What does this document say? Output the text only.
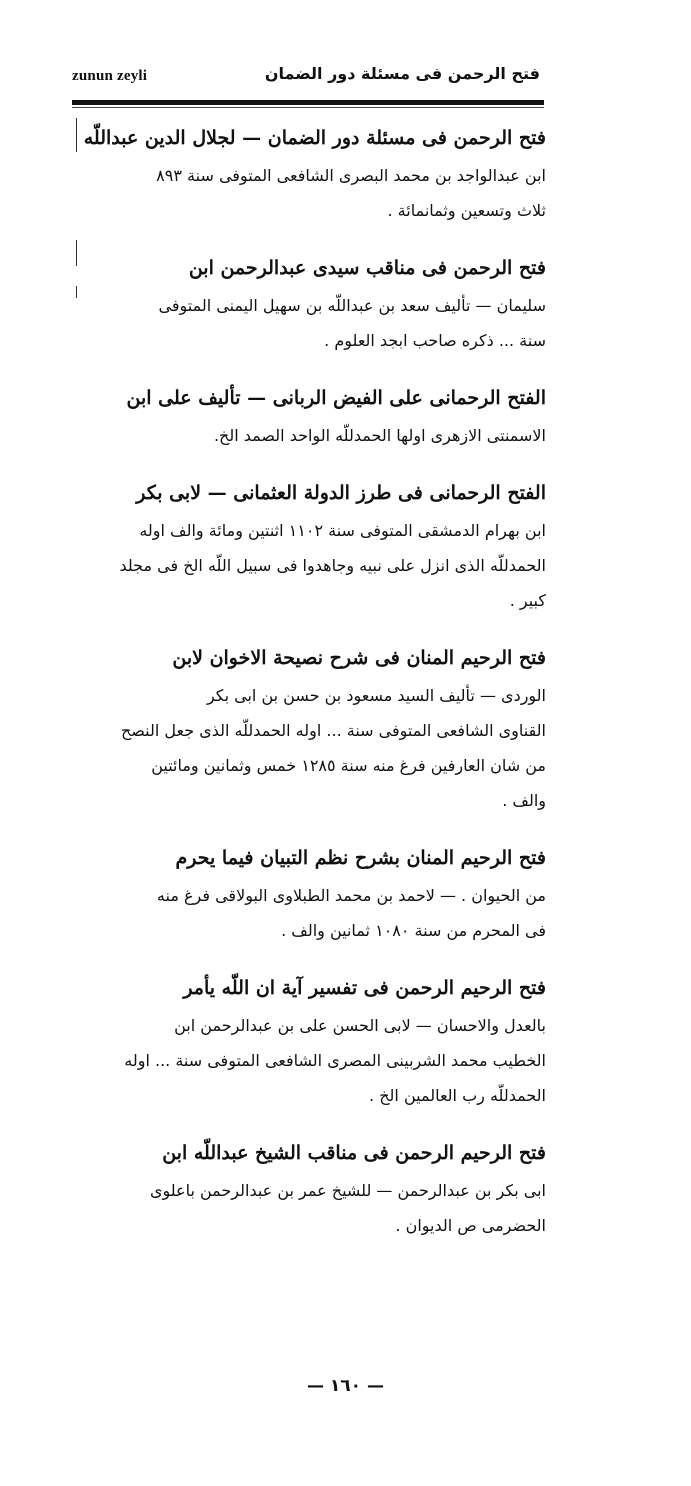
zunun zeyli	فتح الرحمن فى مسئلة دور الضمان
فتح الرحمن فى مسئلة دور الضمان — لجلال الدين عبداللّه
ابن عبدالواجد بن محمد البصرى الشافعى المتوفى سنة ٨٩٣
ثلاث وتسعين وثمانمائة .
فتح الرحمن فى مناقب سيدى عبدالرحمن ابن
سليمان — تأليف سعد بن عبداللّه بن سهيل اليمنى المتوفى
سنة ... ذكره صاحب ابجد العلوم .
الفتح الرحمانى على الفيض الربانى — تأليف على ابن
الاسمنتى الازهرى اولها الحمدللّه الواحد الصمد الخ.
الفتح الرحمانى فى طرز الدولة العثمانى — لابى بكر
ابن بهرام الدمشقى المتوفى سنة ١١٠٢ اثنتين ومائة والف اوله
الحمدللّه الذى انزل على نبيه وجاهدوا فى سبيل اللّه الخ فى مجلد
كبير .
فتح الرحيم المنان فى شرح نصيحة الاخوان لابن
الوردى — تأليف السيد مسعود بن حسن بن ابى بكر
القناوى الشافعى المتوفى سنة ... اوله الحمدللّه الذى جعل النصح
من شان العارفين فرغ منه سنة ١٢٨٥ خمس وثمانين ومائتين
والف .
فتح الرحيم المنان بشرح نظم التبيان فيما يحرم
من الحيوان . — لاحمد بن محمد الطبلاوى البولاقى فرغ منه
فى المحرم من سنة ١٠٨٠ ثمانين والف .
فتح الرحيم الرحمن فى تفسير آية ان اللّه يأمر
بالعدل والاحسان — لابى الحسن على بن عبدالرحمن ابن
الخطيب محمد الشربينى المصرى الشافعى المتوفى سنة ... اوله
الحمدللّه رب العالمين الخ .
فتح الرحيم الرحمن فى مناقب الشيخ عبداللّه ابن
ابى بكر بن عبدالرحمن — للشيخ عمر بن عبدالرحمن باعلوى
الحضرمى ص الديوان .
— ١٦٠ —
